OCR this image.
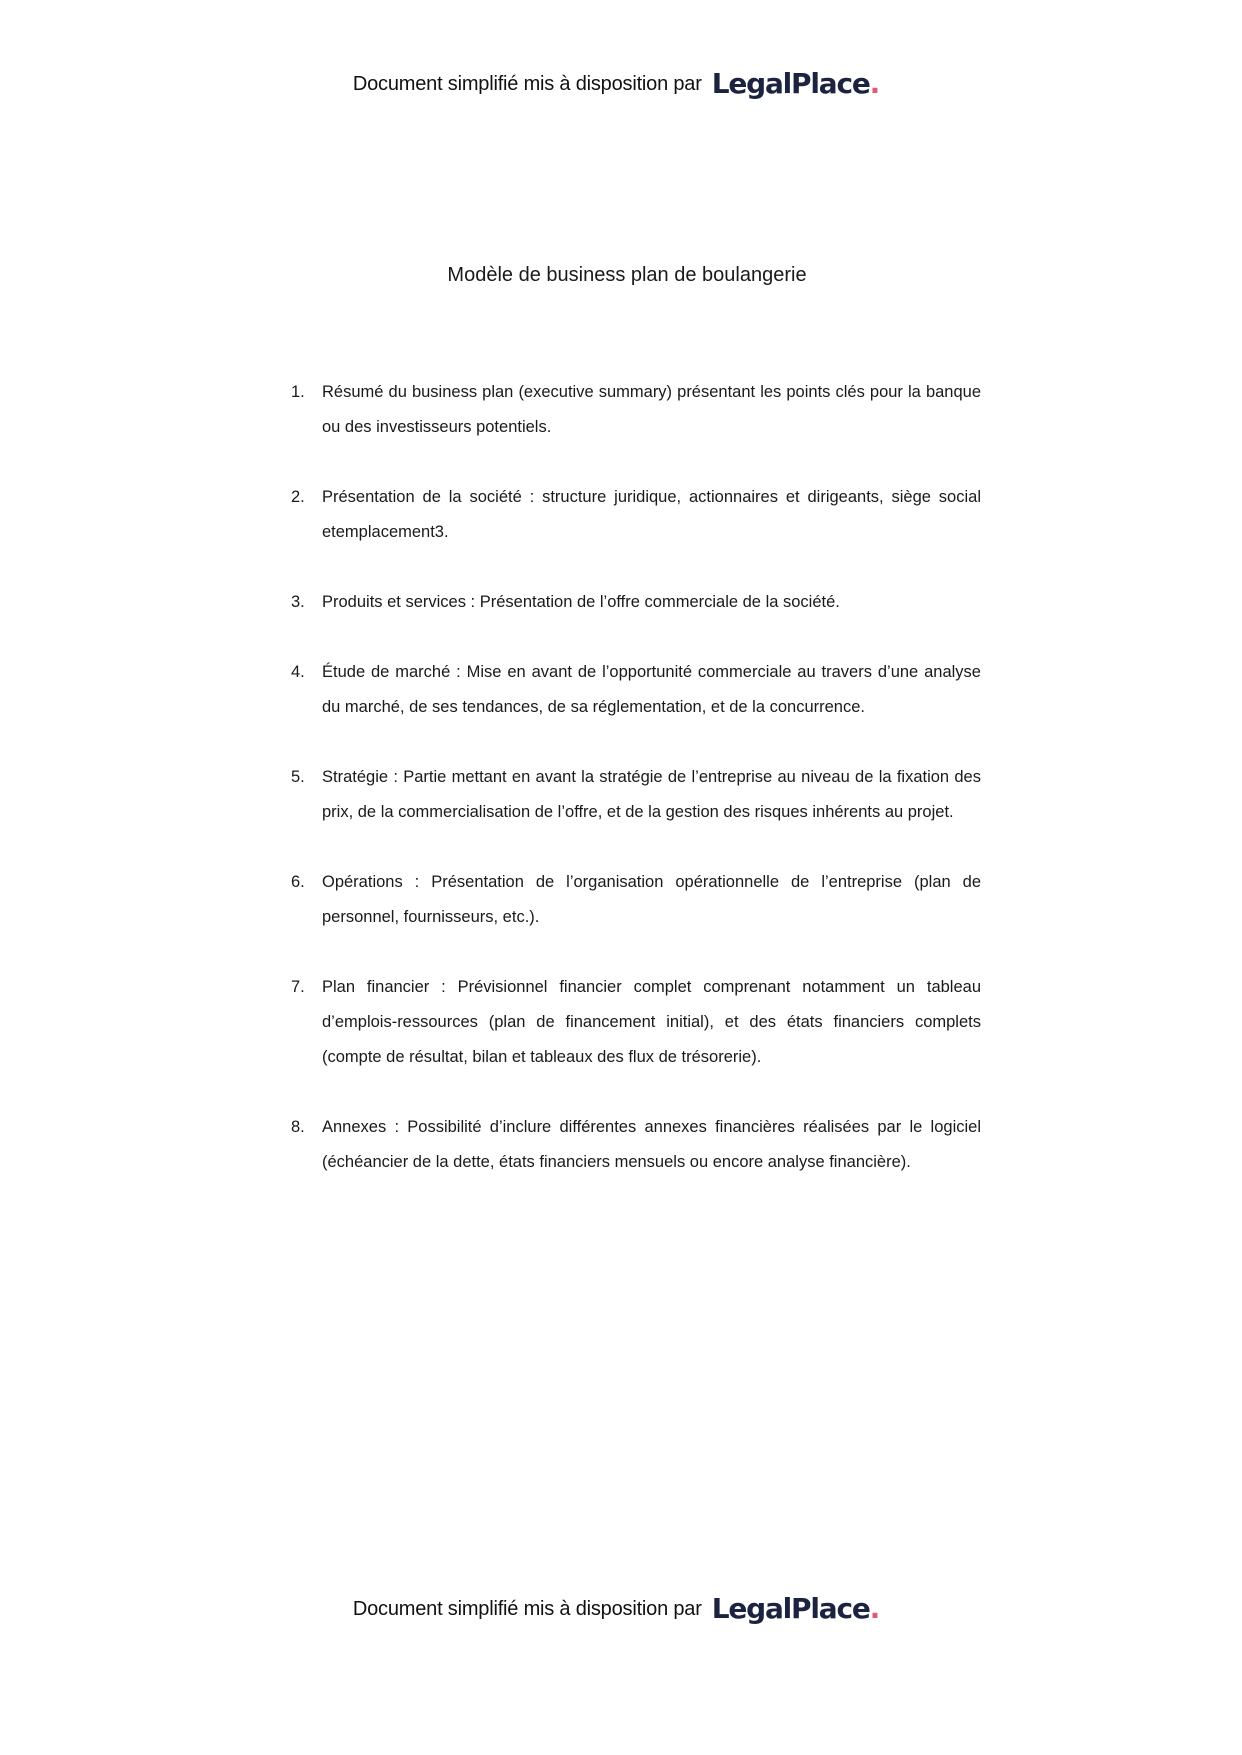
Document simplifié mis à disposition par LegalPlace.
Modèle de business plan de boulangerie
1.	Résumé du business plan (executive summary) présentant les points clés pour la banque ou des investisseurs potentiels.
2.	Présentation de la société : structure juridique, actionnaires et dirigeants, siège social etemplacement3.
3.	Produits et services : Présentation de l’offre commerciale de la société.
4.	Étude de marché : Mise en avant de l’opportunité commerciale au travers d’une analyse du marché, de ses tendances, de sa réglementation, et de la concurrence.
5.	Stratégie : Partie mettant en avant la stratégie de l’entreprise au niveau de la fixation des prix, de la commercialisation de l’offre, et de la gestion des risques inhérents au projet.
6.	Opérations : Présentation de l’organisation opérationnelle de l’entreprise (plan de personnel, fournisseurs, etc.).
7.	Plan financier : Prévisionnel financier complet comprenant notamment un tableau d’emplois-ressources (plan de financement initial), et des états financiers complets (compte de résultat, bilan et tableaux des flux de trésorerie).
8.	Annexes : Possibilité d’inclure différentes annexes financières réalisées par le logiciel (échéancier de la dette, états financiers mensuels ou encore analyse financière).
Document simplifié mis à disposition par LegalPlace.
